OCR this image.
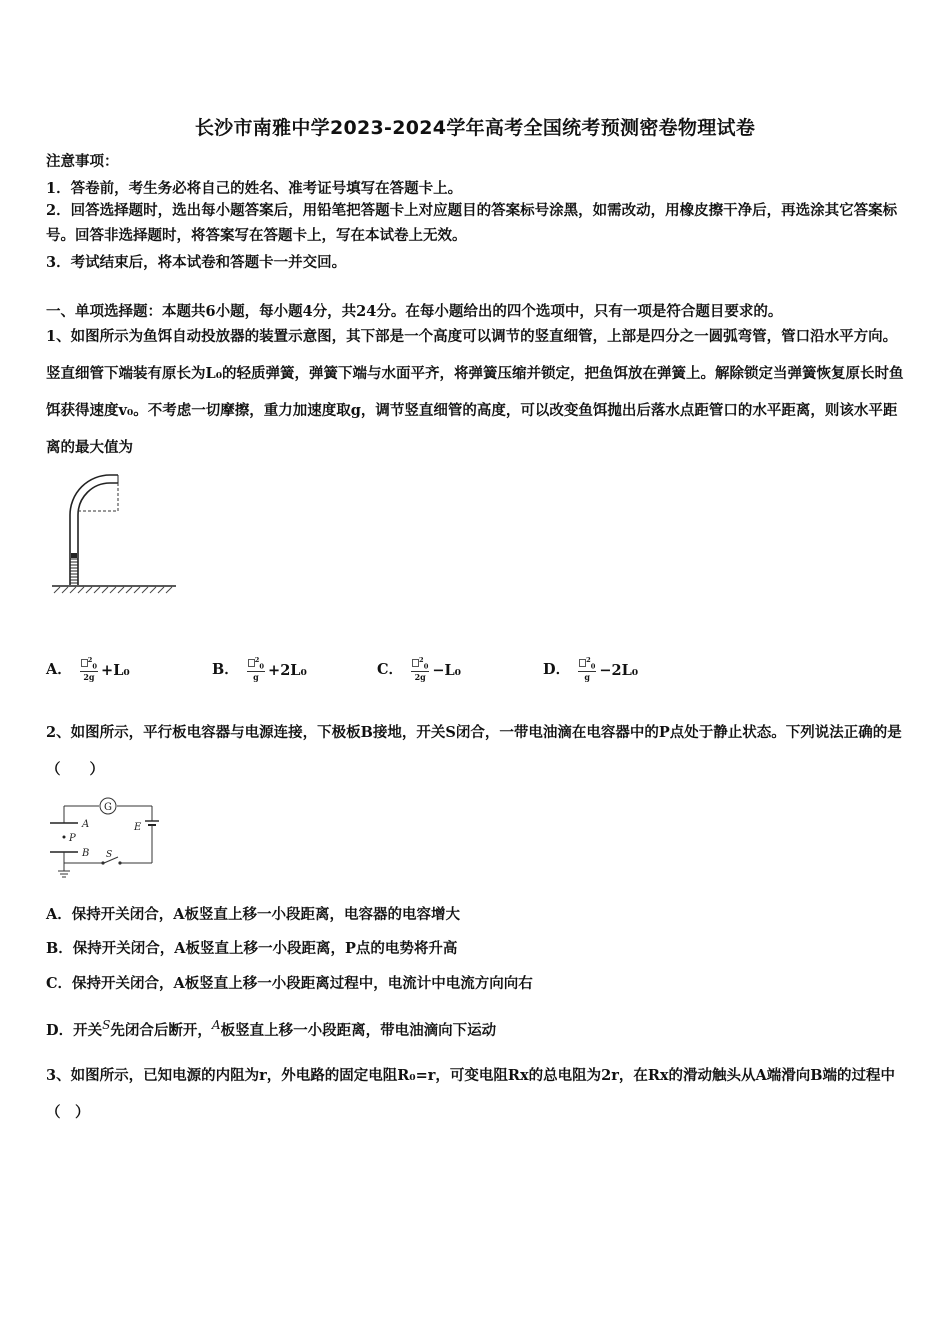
长沙市南雅中学2023-2024学年高考全国统考预测密卷物理试卷
注意事项：
1．答卷前，考生务必将自己的姓名、准考证号填写在答题卡上。
2．回答选择题时，选出每小题答案后，用铅笔把答题卡上对应题目的答案标号涂黑，如需改动，用橡皮擦干净后，再选涂其它答案标号。回答非选择题时，将答案写在答题卡上，写在本试卷上无效。
3．考试结束后，将本试卷和答题卡一并交回。
一、单项选择题：本题共6小题，每小题4分，共24分。在每小题给出的四个选项中，只有一项是符合题目要求的。
1、如图所示为鱼饵自动投放器的装置示意图，其下部是一个高度可以调节的竖直细管，上部是四分之一圆弧弯管，管口沿水平方向。竖直细管下端装有原长为L₀的轻质弹簧，弹簧下端与水面平齐，将弹簧压缩并锁定，把鱼饵放在弹簧上。解除锁定当弹簧恢复原长时鱼饵获得速度v₀。不考虑一切摩擦，重力加速度取g，调节竖直细管的高度，可以改变鱼饵抛出后落水点距管口的水平距离，则该水平距离的最大值为
A． $\frac{^2_0}{2g} +L_0$	B． $\frac{^2_0}{g} +2L_0$	C． $\frac{^2_0}{2g} -L_0$	D． $\frac{^2_0}{g} -2L_0$
2、如图所示，平行板电容器与电源连接，下极板B接地，开关S闭合，一带电油滴在电容器中的P点处于静止状态。下列说法正确的是（　　）
G
A
P
B S
E
A．保持开关闭合，A板竖直上移一小段距离，电容器的电容增大
B．保持开关闭合，A板竖直上移一小段距离，P点的电势将升高
C．保持开关闭合，A板竖直上移一小段距离过程中，电流计中电流方向向右
D．开关$^S$先闭合后断开，$^A$板竖直上移一小段距离，带电油滴向下运动
3、如图所示，已知电源的内阻为r，外电路的固定电阻R₀=r，可变电阻Rx的总电阻为2r，在Rx的滑动触头从A端滑向B端的过程中（　）
